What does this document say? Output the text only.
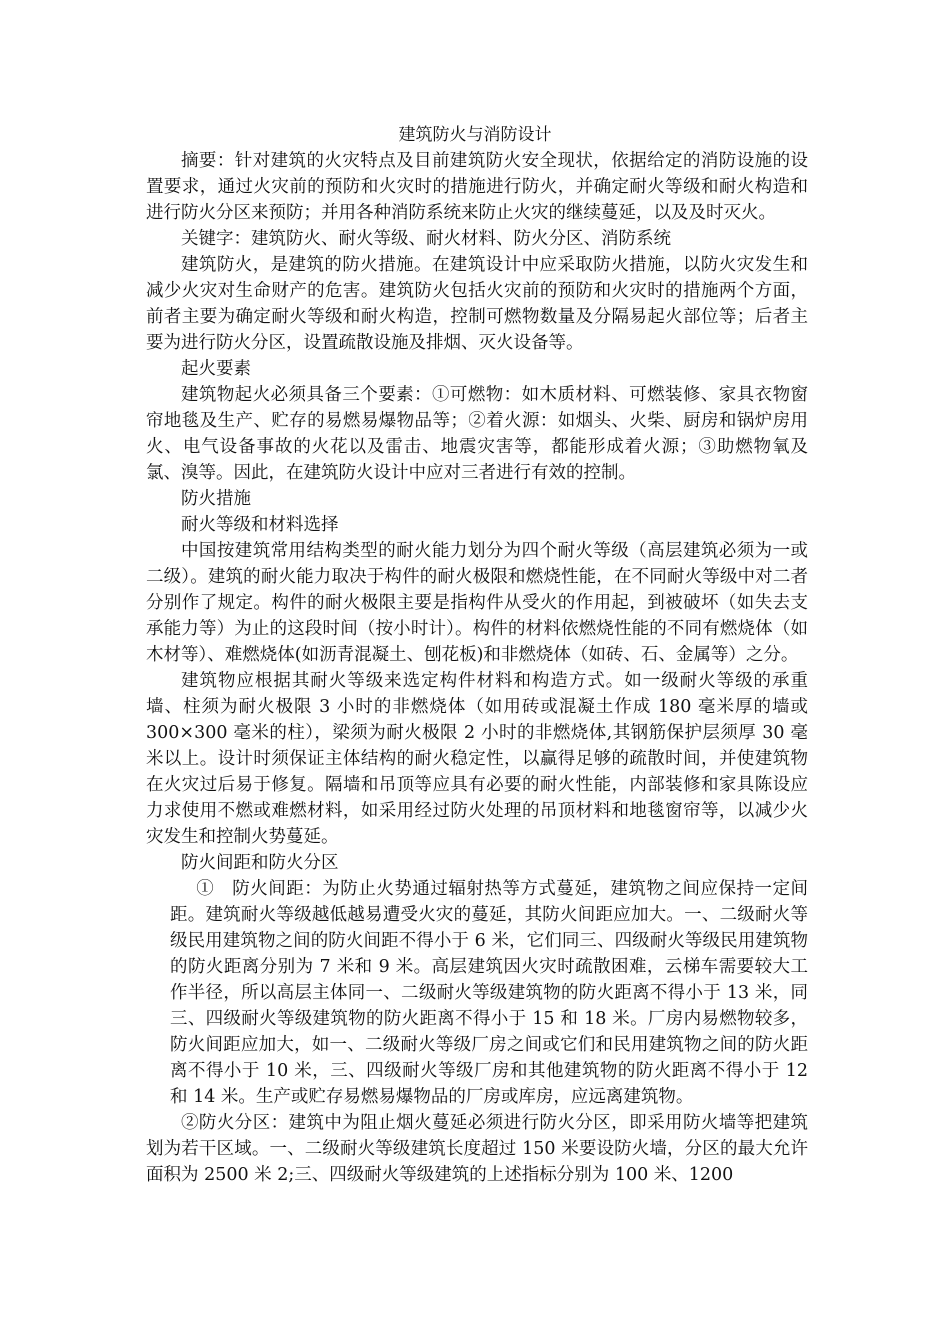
建筑防火与消防设计

摘要：针对建筑的火灾特点及目前建筑防火安全现状，依据给定的消防设施的设置要求，通过火灾前的预防和火灾时的措施进行防火，并确定耐火等级和耐火构造和进行防火分区来预防；并用各种消防系统来防止火灾的继续蔓延，以及及时灭火。

关键字：建筑防火、耐火等级、耐火材料、防火分区、消防系统

建筑防火，是建筑的防火措施。在建筑设计中应采取防火措施，以防火灾发生和减少火灾对生命财产的危害。建筑防火包括火灾前的预防和火灾时的措施两个方面，前者主要为确定耐火等级和耐火构造，控制可燃物数量及分隔易起火部位等；后者主要为进行防火分区，设置疏散设施及排烟、灭火设备等。

起火要素

建筑物起火必须具备三个要素：①可燃物：如木质材料、可燃装修、家具衣物窗帘地毯及生产、贮存的易燃易爆物品等；②着火源：如烟头、火柴、厨房和锅炉房用火、电气设备事故的火花以及雷击、地震灾害等，都能形成着火源；③助燃物氧及氯、溴等。因此，在建筑防火设计中应对三者进行有效的控制。

防火措施

耐火等级和材料选择

中国按建筑常用结构类型的耐火能力划分为四个耐火等级（高层建筑必须为一或二级）。建筑的耐火能力取决于构件的耐火极限和燃烧性能，在不同耐火等级中对二者分别作了规定。构件的耐火极限主要是指构件从受火的作用起，到被破坏（如失去支承能力等）为止的这段时间（按小时计）。构件的材料依燃烧性能的不同有燃烧体（如木材等）、难燃烧体(如沥青混凝土、刨花板)和非燃烧体（如砖、石、金属等）之分。

建筑物应根据其耐火等级来选定构件材料和构造方式。如一级耐火等级的承重墙、柱须为耐火极限 3 小时的非燃烧体（如用砖或混凝土作成 180 毫米厚的墙或 300×300 毫米的柱），梁须为耐火极限 2 小时的非燃烧体,其钢筋保护层须厚 30 毫米以上。设计时须保证主体结构的耐火稳定性，以赢得足够的疏散时间，并使建筑物在火灾过后易于修复。隔墙和吊顶等应具有必要的耐火性能，内部装修和家具陈设应力求使用不燃或难燃材料，如采用经过防火处理的吊顶材料和地毯窗帘等，以减少火灾发生和控制火势蔓延。

防火间距和防火分区

①　防火间距：为防止火势通过辐射热等方式蔓延，建筑物之间应保持一定间距。建筑耐火等级越低越易遭受火灾的蔓延，其防火间距应加大。一、二级耐火等级民用建筑物之间的防火间距不得小于 6 米，它们同三、四级耐火等级民用建筑物的防火距离分别为 7 米和 9 米。高层建筑因火灾时疏散困难，云梯车需要较大工作半径，所以高层主体同一、二级耐火等级建筑物的防火距离不得小于 13 米，同三、四级耐火等级建筑物的防火距离不得小于 15 和 18 米。厂房内易燃物较多，防火间距应加大，如一、二级耐火等级厂房之间或它们和民用建筑物之间的防火距离不得小于 10 米，三、四级耐火等级厂房和其他建筑物的防火距离不得小于 12 和 14 米。生产或贮存易燃易爆物品的厂房或库房，应远离建筑物。

②防火分区：建筑中为阻止烟火蔓延必须进行防火分区，即采用防火墙等把建筑划为若干区域。一、二级耐火等级建筑长度超过 150 米要设防火墙，分区的最大允许面积为 2500 米 2;三、四级耐火等级建筑的上述指标分别为 100 米、1200
